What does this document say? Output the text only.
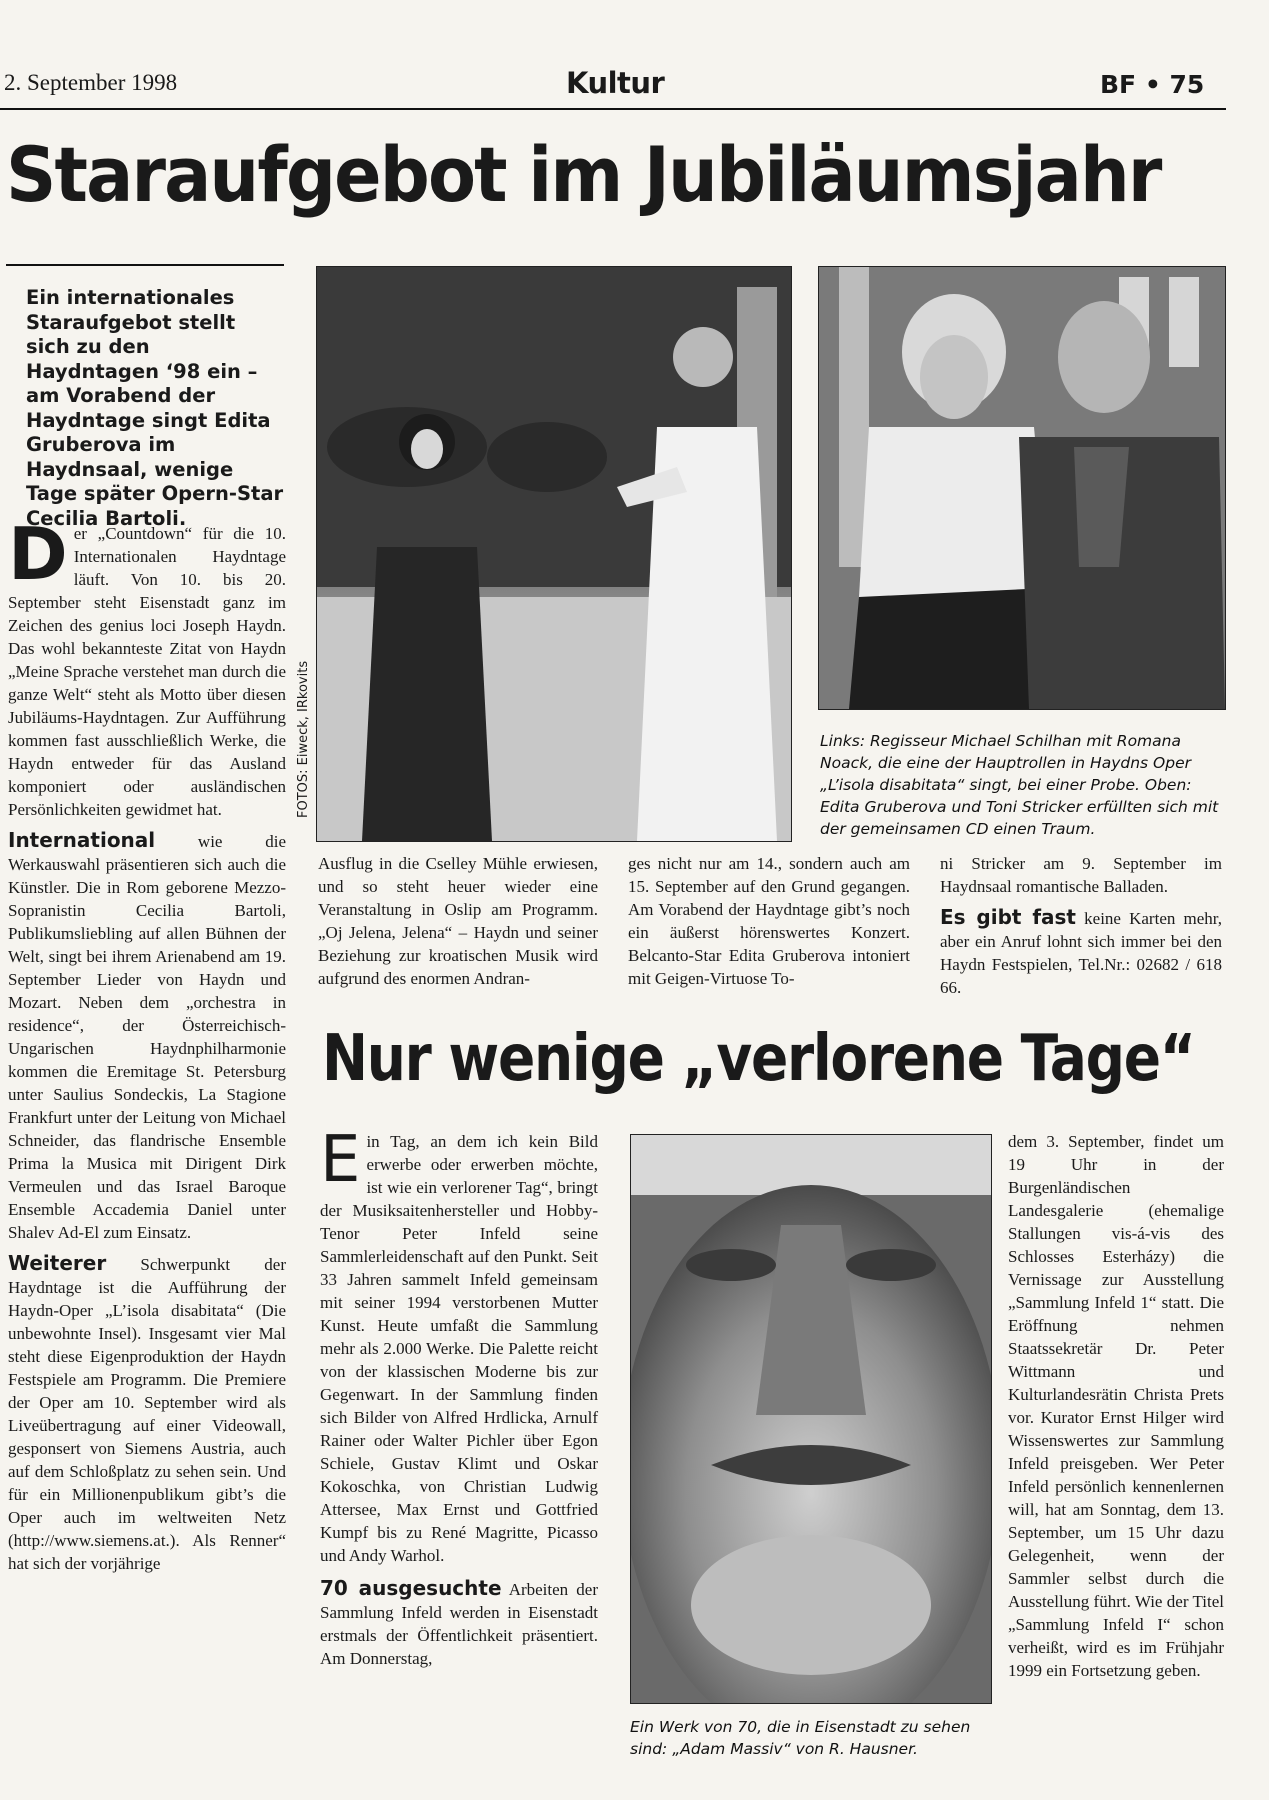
2. September 1998	Kultur	BF • 75
Staraufgebot im Jubiläumsjahr
Ein internationales Staraufgebot stellt sich zu den Haydntagen ‘98 ein – am Vorabend der Haydntage singt Edita Gruberova im Haydnsaal, wenige Tage später Opern-Star Cecilia Bartoli.

D er „Countdown“ für die 10. Internationalen Haydntage läuft. Von 10. bis 20. September steht Eisenstadt ganz im Zeichen des genius loci Joseph Haydn. Das wohl bekannteste Zitat von Haydn „Meine Sprache verstehet man durch die ganze Welt“ steht als Motto über diesen Jubiläums-Haydntagen. Zur Aufführung kommen fast ausschließlich Werke, die Haydn entweder für das Ausland komponiert oder ausländischen Persönlichkeiten gewidmet hat.

International	wie die Werkauswahl präsentieren sich auch die Künstler. Die in Rom geborene Mezzo-Sopranistin Cecilia Bartoli, Publikumsliebling auf allen Bühnen der Welt, singt bei ihrem Arienabend am 19. September Lieder von Haydn und Mozart. Neben dem „orchestra in residence“, der Österreichisch-Ungarischen Haydnphilharmonie kommen die Eremitage St. Petersburg unter Saulius Sondeckis, La Stagione Frankfurt unter der Leitung von Michael Schneider, das flandrische Ensemble Prima la Musica mit Dirigent Dirk Vermeulen und das Israel Baroque Ensemble Accademia Daniel unter Shalev Ad-El zum Einsatz.

Weiterer Schwerpunkt der Haydntage ist die Aufführung der Haydn-Oper „L’isola disabitata“ (Die unbewohnte Insel). Insgesamt vier Mal steht diese Eigenproduktion der Haydn Festspiele am Programm. Die Premiere der Oper am 10. September wird als Liveübertragung auf einer Videowall, gesponsert von Siemens Austria, auch auf dem Schloßplatz zu sehen sein. Und für ein Millionenpublikum gibt’s die Oper auch im weltweiten Netz (http://www.siemens.at.). Als Renner“ hat sich der vorjährige

FOTOS: Eiweck, IRkovits	Links: Regisseur Michael Schilhan mit Romana Noack, die eine der Hauptrollen in Haydns Oper „L’isola disabitata“ singt, bei einer Probe. Oben: Edita Gruberova und Toni Stricker erfüllten sich mit der gemeinsamen CD einen Traum.
Ausflug in die Cselley Mühle erwiesen, und so steht heuer wieder eine Veranstaltung in Oslip am Programm. „Oj Jelena, Jelena“ – Haydn und seiner Beziehung zur kroatischen Musik wird aufgrund des enormen Andran-
ges nicht nur am 14., sondern auch am 15. September auf den Grund gegangen. Am Vorabend der Haydntage gibt’s noch ein äußerst hörenswertes Konzert. Belcanto-Star Edita Gruberova intoniert mit Geigen-Virtuose To-

ni Stricker am 9. September im Haydnsaal romantische Balladen.

Es gibt fast keine Karten mehr, aber ein Anruf lohnt sich immer bei den Haydn Festspielen, Tel.Nr.: 02682 / 618 66.

Nur wenige „verlorene Tage“

E in Tag, an dem ich kein Bild erwerbe oder erwerben möchte, ist wie ein verlorener Tag“, bringt der Musiksaitenhersteller und Hobby-Tenor Peter Infeld seine Sammlerleidenschaft auf den Punkt. Seit 33 Jahren sammelt Infeld gemeinsam mit seiner 1994 verstorbenen Mutter Kunst. Heute umfaßt die Sammlung mehr als 2.000 Werke. Die Palette reicht von der klassischen Moderne bis zur Gegenwart. In der Sammlung finden sich Bilder von Alfred Hrdlicka, Arnulf Rainer oder Walter Pichler über Egon Schiele, Gustav Klimt und Oskar Kokoschka, von Christian Ludwig Attersee, Max Ernst und Gottfried Kumpf bis zu René Magritte, Picasso und Andy Warhol.

70 ausgesuchte Arbeiten der Sammlung Infeld werden in Eisenstadt erstmals der Öffentlichkeit präsentiert. Am Donnerstag,

Ein Werk von 70, die in Eisenstadt zu sehen sind: „Adam Massiv“ von R. Hausner.
dem 3. September, findet um 19 Uhr in der Burgenländischen Landesgalerie (ehemalige Stallungen vis-á-vis des Schlosses Esterházy) die Vernissage zur Ausstellung „Sammlung Infeld 1“ statt. Die Eröffnung nehmen Staatssekretär Dr. Peter Wittmann und Kulturlandesrätin Christa Prets vor. Kurator Ernst Hilger wird Wissenswertes zur Sammlung Infeld preisgeben. Wer Peter Infeld persönlich kennenlernen will, hat am Sonntag, dem 13. September, um 15 Uhr dazu Gelegenheit, wenn der Sammler selbst durch die Ausstellung führt. Wie der Titel „Sammlung Infeld I“ schon verheißt, wird es im Frühjahr 1999 ein Fortsetzung geben.
